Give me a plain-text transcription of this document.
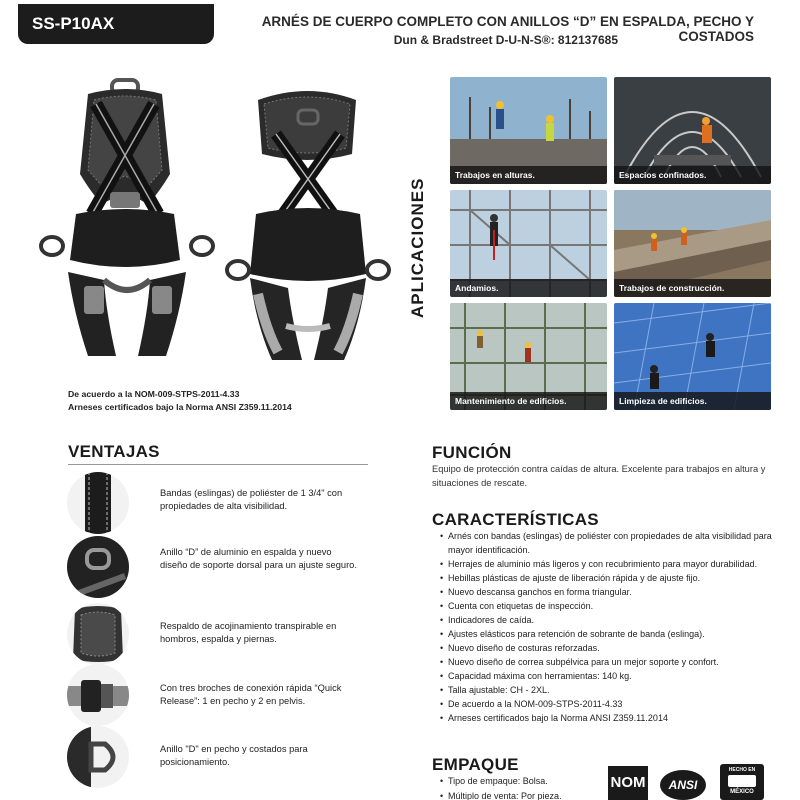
SS-P10AX	ARNÉS DE CUERPO COMPLETO CON ANILLOS “D” EN ESPALDA, PECHO Y COSTADOS
Dun & Bradstreet D-U-N-S®: 812137685
De acuerdo a la NOM-009-STPS-2011-4.33
Arneses certificados bajo la Norma ANSI Z359.11.2014
APLICACIONES
Trabajos en alturas.	Espacios confinados.
Andamios.	Trabajos de construcción.
Mantenimiento de edificios.	Limpieza de edificios.
VENTAJAS
Bandas (eslingas) de poliéster de 1 3/4" con propiedades de alta visibilidad.
Anillo “D” de aluminio en espalda y nuevo diseño de soporte dorsal para un ajuste seguro.
Respaldo de acojinamiento transpirable en hombros, espalda y piernas.
Con tres broches de conexión rápida “Quick Release”: 1 en pecho y 2 en pelvis.
Anillo "D" en pecho y costados para posicionamiento.
FUNCIÓN
Equipo de protección contra caídas de altura. Excelente para trabajos en altura y situaciones de rescate.
CARACTERÍSTICAS
• Arnés con bandas (eslingas) de poliéster con propiedades de alta visibilidad para mayor identificación.
• Herrajes de aluminio más ligeros y con recubrimiento para mayor durabilidad.
• Hebillas plásticas de ajuste de liberación rápida y de ajuste fijo.
• Nuevo descansa ganchos en forma triangular.
• Cuenta con etiquetas de inspección.
• Indicadores de caída.
• Ajustes elásticos para retención de sobrante de banda (eslinga).
• Nuevo diseño de costuras reforzadas.
• Nuevo diseño de correa subpélvica para un mejor soporte y confort.
• Capacidad máxima con herramientas: 140 kg.
• Talla ajustable: CH - 2XL.
• De acuerdo a la NOM-009-STPS-2011-4.33
• Arneses certificados bajo la Norma ANSI Z359.11.2014
EMPAQUE
• Tipo de empaque: Bolsa.
• Múltiplo de venta: Por pieza.
NOM	ANSI
HECHO EN
MÉXICO
